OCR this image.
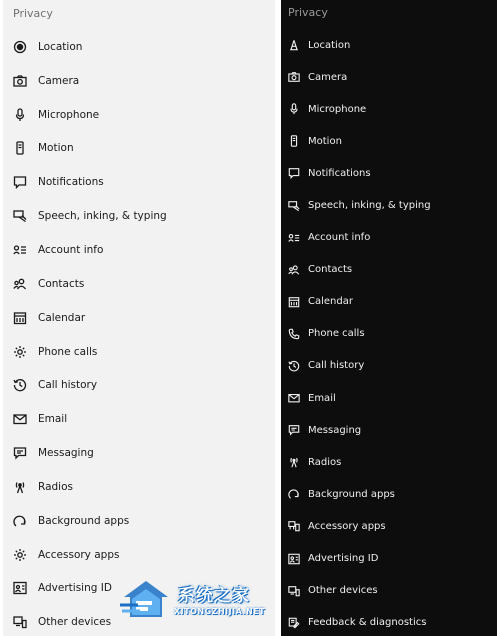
Privacy
Location
Camera
Microphone
Motion
Notifications
Speech, inking, & typing
Account info
Contacts
Calendar
Phone calls
Call history
Email
Messaging
Radios
Background apps
Accessory apps
Advertising ID
Other devices
Privacy
Location
Camera
Microphone
Motion
Notifications
Speech, inking, & typing
Account info
Contacts
Calendar
Phone calls
Call history
Email
Messaging
Radios
Background apps
Accessory apps
Advertising ID
Other devices
Feedback & diagnostics
系统之家
XITONGZHIJIA.NET
